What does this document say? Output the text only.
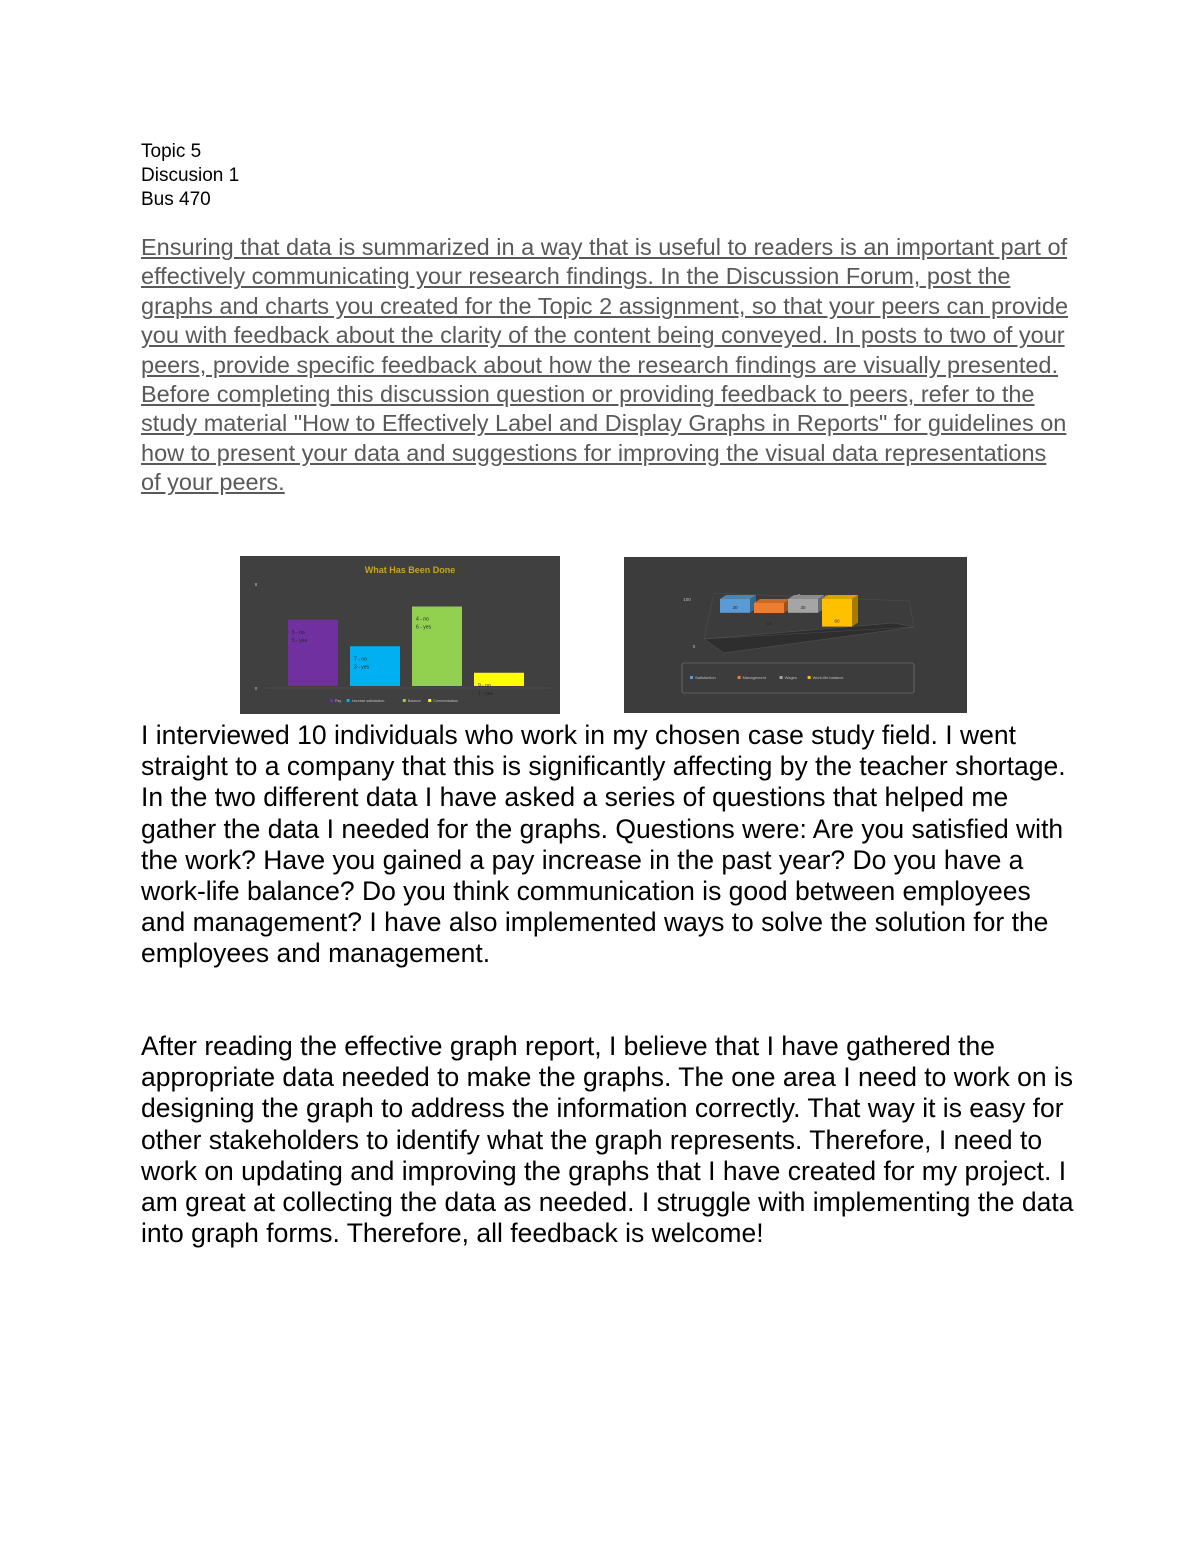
Topic 5
Discusion 1
Bus 470
Ensuring that data is summarized in a way that is useful to readers is an important part of effectively communicating your research findings. In the Discussion Forum, post the graphs and charts you created for the Topic 2 assignment, so that your peers can provide you with feedback about the clarity of the content being conveyed. In posts to two of your peers, provide specific feedback about how the research findings are visually presented. Before completing this discussion question or providing feedback to peers, refer to the study material "How to Effectively Label and Display Graphs in Reports" for guidelines on how to present your data and suggestions for improving the visual data representations of your peers.
What Has Been Done
8
0
5 - no
5 - yes
7 - no
3 - yes
4 - no
6 - yes
9 - no
1 - yes
Pay	Increase satisfaction	Balance	Communication
100
0
30
10
30
60
Satisfaction	Management	Wages	Work-life balance
I interviewed 10 individuals who work in my chosen case study field. I went straight to a company that this is significantly affecting by the teacher shortage. In the two different data I have asked a series of questions that helped me gather the data I needed for the graphs. Questions were: Are you satisfied with the work? Have you gained a pay increase in the past year? Do you have a work-life balance? Do you think communication is good between employees and management? I have also implemented ways to solve the solution for the employees and management.
After reading the effective graph report, I believe that I have gathered the appropriate data needed to make the graphs. The one area I need to work on is designing the graph to address the information correctly. That way it is easy for other stakeholders to identify what the graph represents. Therefore, I need to work on updating and improving the graphs that I have created for my project. I am great at collecting the data as needed. I struggle with implementing the data into graph forms. Therefore, all feedback is welcome!
